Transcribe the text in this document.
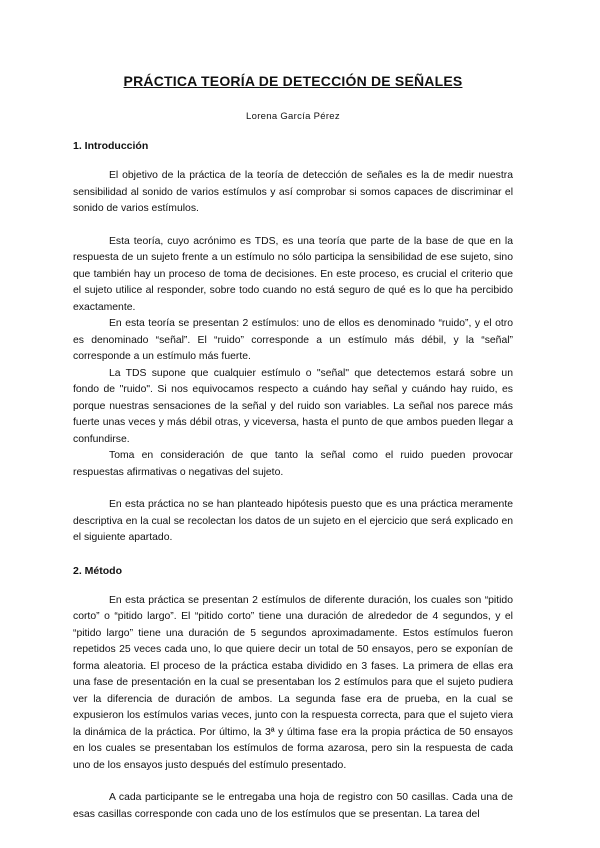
PRÁCTICA TEORÍA DE DETECCIÓN DE SEÑALES
Lorena García Pérez
1. Introducción

El objetivo de la práctica de la teoría de detección de señales es la de medir nuestra sensibilidad al sonido de varios estímulos y así comprobar si somos capaces de discriminar el sonido de varios estímulos.

Esta teoría, cuyo acrónimo es TDS, es una teoría que parte de la base de que en la respuesta de un sujeto frente a un estímulo no sólo participa la sensibilidad de ese sujeto, sino que también hay un proceso de toma de decisiones. En este proceso, es crucial el criterio que el sujeto utilice al responder, sobre todo cuando no está seguro de qué es lo que ha percibido exactamente.

En esta teoría se presentan 2 estímulos: uno de ellos es denominado “ruido”, y el otro es denominado “señal”. El “ruido” corresponde a un estímulo más débil, y la “señal” corresponde a un estímulo más fuerte.

La TDS supone que cualquier estímulo o "señal" que detectemos estará sobre un fondo de "ruido". Si nos equivocamos respecto a cuándo hay señal y cuándo hay ruido, es porque nuestras sensaciones de la señal y del ruido son variables. La señal nos parece más fuerte unas veces y más débil otras, y viceversa, hasta el punto de que ambos pueden llegar a confundirse.

Toma en consideración de que tanto la señal como el ruido pueden provocar respuestas afirmativas o negativas del sujeto.

En esta práctica no se han planteado hipótesis puesto que es una práctica meramente descriptiva en la cual se recolectan los datos de un sujeto en el ejercicio que será explicado en el siguiente apartado.

2. Método

En esta práctica se presentan 2 estímulos de diferente duración, los cuales son “pitido corto” o “pitido largo”. El “pitido corto” tiene una duración de alrededor de 4 segundos, y el “pitido largo” tiene una duración de 5 segundos aproximadamente. Estos estímulos fueron repetidos 25 veces cada uno, lo que quiere decir un total de 50 ensayos, pero se exponían de forma aleatoria. El proceso de la práctica estaba dividido en 3 fases. La primera de ellas era una fase de presentación en la cual se presentaban los 2 estímulos para que el sujeto pudiera ver la diferencia de duración de ambos. La segunda fase era de prueba, en la cual se expusieron los estímulos varias veces, junto con la respuesta correcta, para que el sujeto viera la dinámica de la práctica. Por último, la 3ª y última fase era la propia práctica de 50 ensayos en los cuales se presentaban los estímulos de forma azarosa, pero sin la respuesta de cada uno de los ensayos justo después del estímulo presentado.

A cada participante se le entregaba una hoja de registro con 50 casillas. Cada una de esas casillas corresponde con cada uno de los estímulos que se presentan. La tarea del
